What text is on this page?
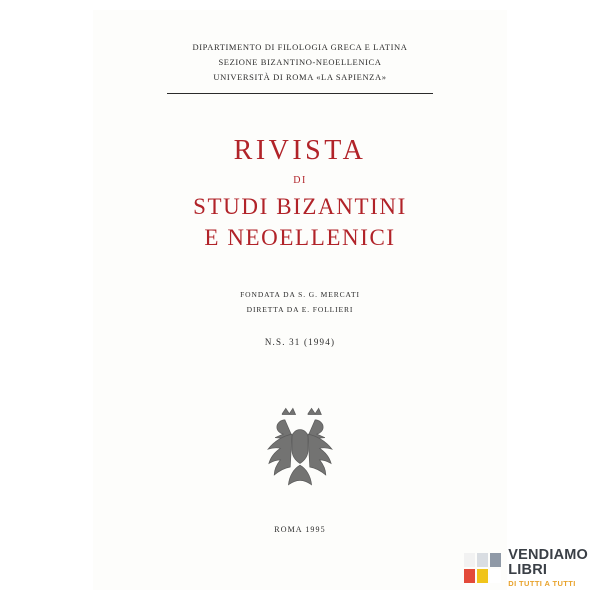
DIPARTIMENTO DI FILOLOGIA GRECA E LATINA
SEZIONE BIZANTINO-NEOELLENICA
UNIVERSITÀ DI ROMA «LA SAPIENZA»
RIVISTA
DI
STUDI BIZANTINI
E NEOELLENICI
FONDATA DA S. G. MERCATI
DIRETTA DA E. FOLLIERI
N.S. 31 (1994)
ROMA 1995
VENDIAMO
LIBRI
DI TUTTI A TUTTI
